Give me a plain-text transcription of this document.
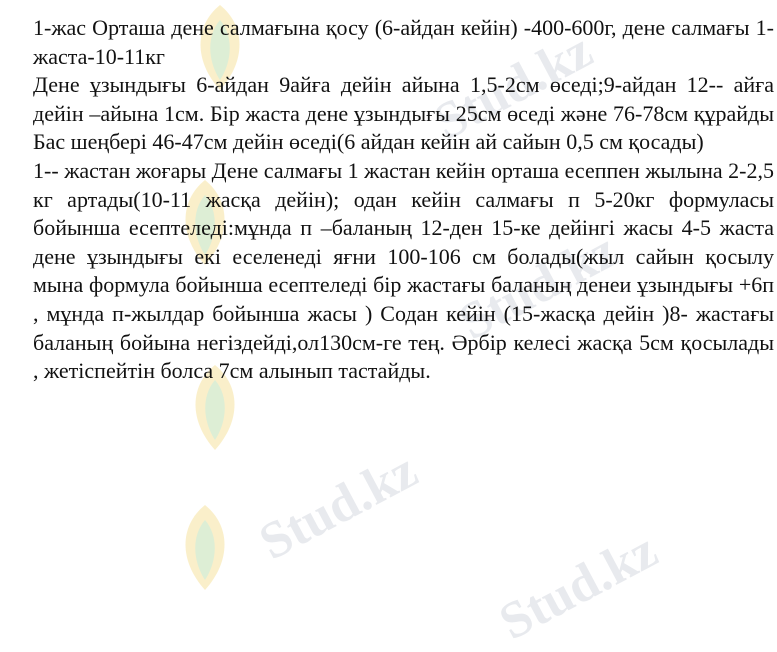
Stud.kz
Stud.kz
Stud.kz
Stud.kz

1-жас Орташа дене салмағына қосу (6-айдан кейін) -400-600г, дене салмағы 1-жаста-10-11кг

Дене ұзындығы 6-айдан 9айға дейін айына 1,5-2см өседі;9-айдан 12-- айға дейін –айына 1см. Бір жаста дене ұзындығы 25см өседі және 76-78см құрайды Бас шеңбері 46-47см дейін өседі(6 айдан кейін ай сайын 0,5 см қосады)

1-- жастан жоғары Дене салмағы 1 жастан кейін орташа есеппен жылына 2-2,5 кг артады(10-11 жасқа дейін); одан кейін салмағы п 5-20кг формуласы бойынша есептеледі:мұнда п –баланың 12-ден 15-ке дейінгі жасы 4-5 жаста дене ұзындығы екі еселенеді яғни 100-106 см болады(жыл сайын қосылу мына формула бойынша есептеледі бір жастағы баланың денеи ұзындығы +6п , мұнда п-жылдар бойынша жасы ) Содан кейін (15-жасқа дейін )8- жастағы баланың бойына негіздейді,ол130см-ге тең. Әрбір келесі жасқа 5см қосылады , жетіспейтін болса 7см алынып тастайды.
